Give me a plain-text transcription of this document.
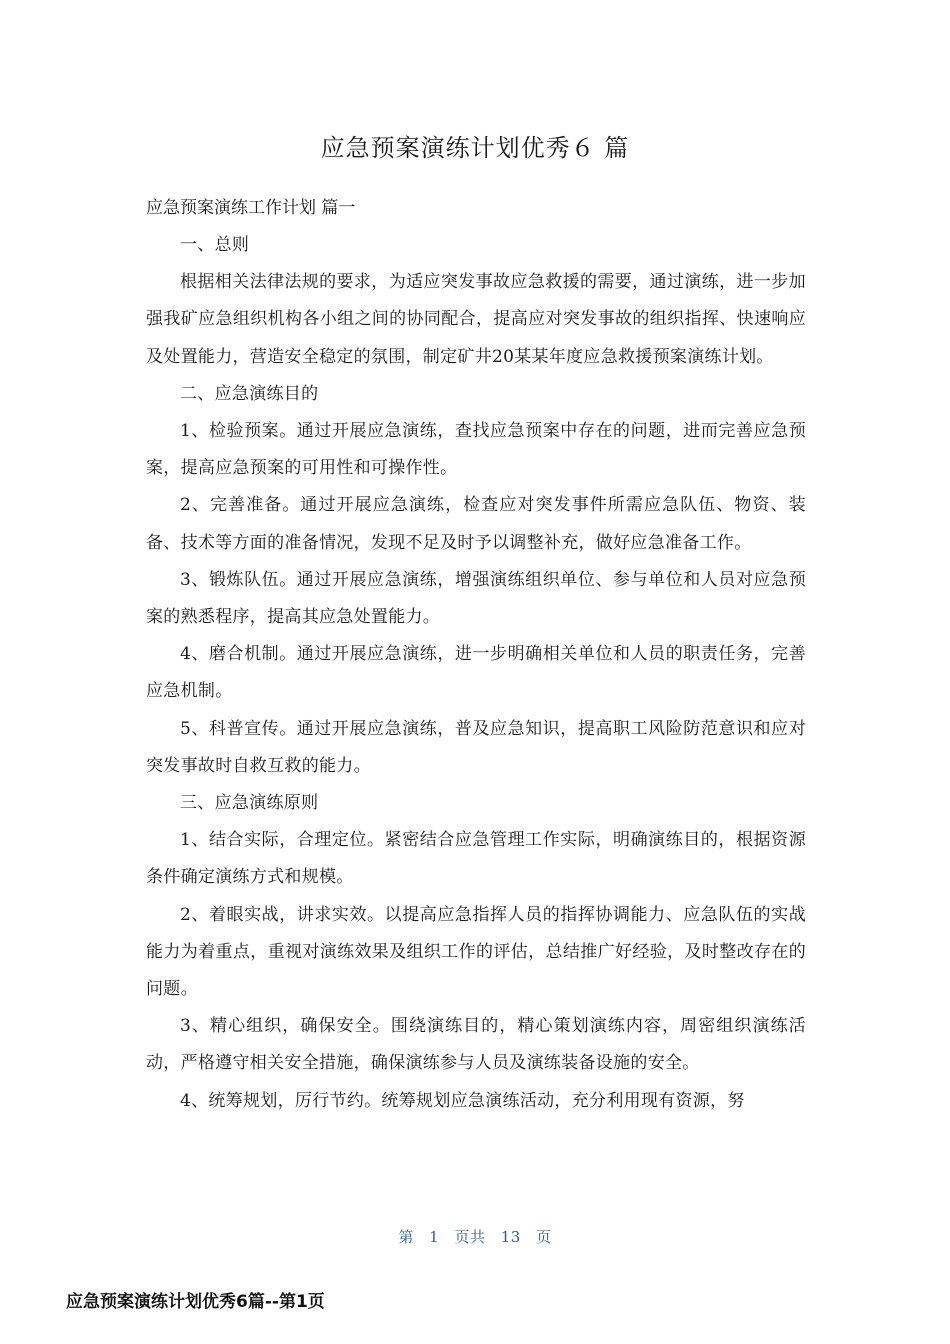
应急预案演练计划优秀６ 篇

应急预案演练工作计划 篇一

一、总则

根据相关法律法规的要求，为适应突发事故应急救援的需要，通过演练，进一步加强我矿应急组织机构各小组之间的协同配合，提高应对突发事故的组织指挥、快速响应及处置能力，营造安全稳定的氛围，制定矿井20某某年度应急救援预案演练计划。

二、应急演练目的

1、检验预案。通过开展应急演练，查找应急预案中存在的问题，进而完善应急预案，提高应急预案的可用性和可操作性。

2、完善准备。通过开展应急演练，检查应对突发事件所需应急队伍、物资、装备、技术等方面的准备情况，发现不足及时予以调整补充，做好应急准备工作。

3、锻炼队伍。通过开展应急演练，增强演练组织单位、参与单位和人员对应急预案的熟悉程序，提高其应急处置能力。

4、磨合机制。通过开展应急演练，进一步明确相关单位和人员的职责任务，完善应急机制。

5、科普宣传。通过开展应急演练，普及应急知识，提高职工风险防范意识和应对突发事故时自救互救的能力。

三、应急演练原则

1、结合实际，合理定位。紧密结合应急管理工作实际，明确演练目的，根据资源条件确定演练方式和规模。

2、着眼实战，讲求实效。以提高应急指挥人员的指挥协调能力、应急队伍的实战能力为着重点，重视对演练效果及组织工作的评估，总结推广好经验，及时整改存在的问题。

3、精心组织，确保安全。围绕演练目的，精心策划演练内容，周密组织演练活动，严格遵守相关安全措施，确保演练参与人员及演练装备设施的安全。

4、统筹规划，厉行节约。统筹规划应急演练活动，充分利用现有资源，努

第 1 页共 13 页
应急预案演练计划优秀6篇--第1页
